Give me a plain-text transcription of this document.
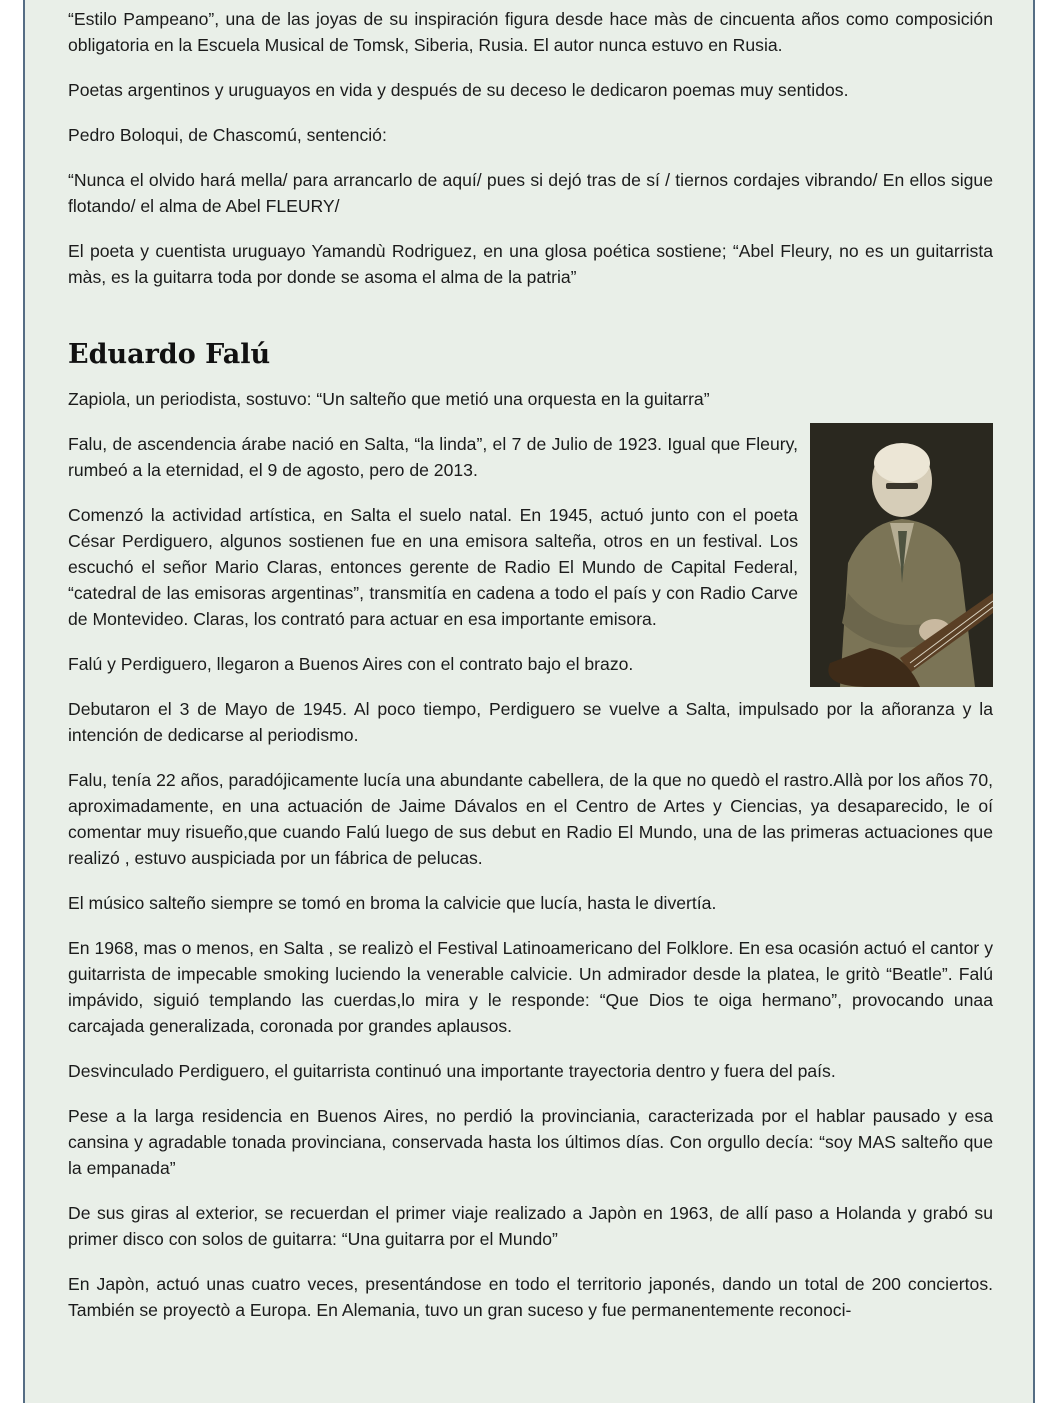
“Estilo Pampeano”, una de las joyas de su inspiración figura desde hace màs de cincuenta años como composición obligatoria en la Escuela Musical de Tomsk, Siberia, Rusia. El autor nunca estuvo en Rusia.

Poetas argentinos y uruguayos en vida y después de su deceso le dedicaron poemas muy sentidos.

Pedro Boloqui, de Chascomú, sentenció:

“Nunca el olvido hará mella/ para arrancarlo de aquí/ pues si dejó tras de sí / tiernos cordajes vibrando/ En ellos sigue flotando/ el alma de Abel FLEURY/

El poeta y cuentista uruguayo Yamandù Rodriguez, en una glosa poética sostiene; “Abel Fleury, no es un guitarrista màs, es la guitarra toda por donde se asoma el alma de la patria”

Eduardo Falú

Zapiola, un periodista, sostuvo: “Un salteño que metió una orquesta en la guitarra”

Falu, de ascendencia árabe nació en Salta, “la linda”, el 7 de Julio de 1923. Igual que Fleury, rumbeó a la eternidad, el 9 de agosto, pero de 2013.

Comenzó la actividad artística, en Salta el suelo natal. En 1945, actuó junto con el poeta César Perdiguero, algunos sostienen fue en una emisora salteña, otros en un festival. Los escuchó el señor Mario Claras, entonces gerente de Radio El Mundo de Capital Federal, “catedral de las emisoras argentinas”, transmitía en cadena a todo el país y con Radio Carve de Montevideo. Claras, los contrató para actuar en esa importante emisora.

Falú y Perdiguero, llegaron a Buenos Aires con el contrato bajo el brazo.

Debutaron el 3 de Mayo de 1945. Al poco tiempo, Perdiguero se vuelve a Salta, impulsado por la añoranza y la intención de dedicarse al periodismo.

Falu, tenía 22 años, paradójicamente lucía una abundante cabellera, de la que no quedò el rastro.Allà por los años 70, aproximadamente, en una actuación de Jaime Dávalos en el Centro de Artes y Ciencias, ya desaparecido, le oí comentar muy risueño,que cuando Falú luego de sus debut en Radio El Mundo, una de las primeras actuaciones que realizó , estuvo auspiciada por un fábrica de pelucas.

El músico salteño siempre se tomó en broma la calvicie que lucía, hasta le divertía.

En 1968, mas o menos, en Salta , se realizò el Festival Latinoamericano del Folklore. En esa ocasión actuó el cantor y guitarrista de impecable smoking luciendo la venerable calvicie. Un admirador desde la platea, le gritò “Beatle”. Falú impávido, siguió templando las cuerdas,lo mira y le responde: “Que Dios te oiga hermano”, provocando unaa carcajada generalizada, coronada por grandes aplausos.

Desvinculado Perdiguero, el guitarrista continuó una importante trayectoria dentro y fuera del país.

Pese a la larga residencia en Buenos Aires, no perdió la provinciania, caracterizada por el hablar pausado y esa cansina y agradable tonada provinciana, conservada hasta los últimos días. Con orgullo decía: “soy MAS salteño que la empanada”

De sus giras al exterior, se recuerdan el primer viaje realizado a Japòn en 1963, de allí paso a Holanda y grabó su primer disco con solos de guitarra: “Una guitarra por el Mundo”

En Japòn, actuó unas cuatro veces, presentándose en todo el territorio japonés, dando un total de 200 conciertos. También se proyectò a Europa. En Alemania, tuvo un gran suceso y fue permanentemente reconoci-
